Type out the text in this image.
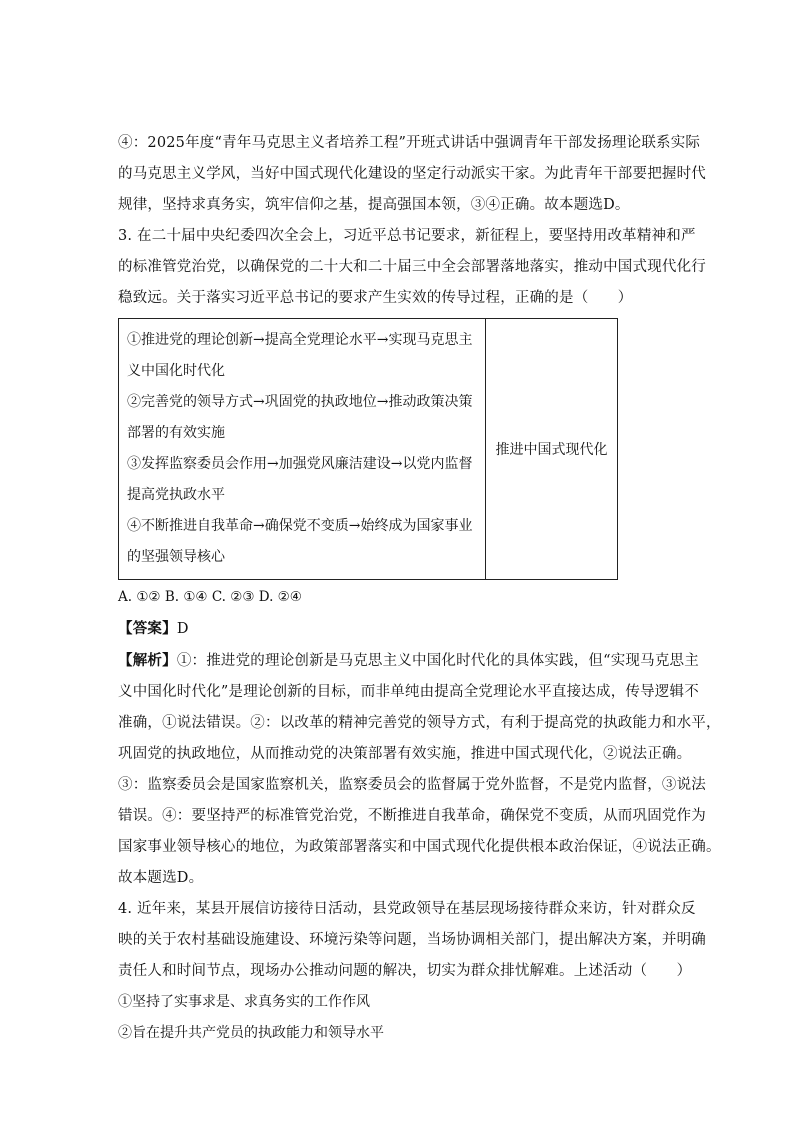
④：2025年度“青年马克思主义者培养工程”开班式讲话中强调青年干部发扬理论联系实际
的马克思主义学风，当好中国式现代化建设的坚定行动派实干家。为此青年干部要把握时代
规律，坚持求真务实，筑牢信仰之基，提高强国本领，③④正确。故本题选D。
3. 在二十届中央纪委四次全会上，习近平总书记要求，新征程上，要坚持用改革精神和严
的标准管党治党，以确保党的二十大和二十届三中全会部署落地落实，推动中国式现代化行
稳致远。关于落实习近平总书记的要求产生实效的传导过程，正确的是（　　）
①推进党的理论创新→提高全党理论水平→实现马克思主
义中国化时代化
②完善党的领导方式→巩固党的执政地位→推动政策决策
部署的有效实施
③发挥监察委员会作用→加强党风廉洁建设→以党内监督
提高党执政水平
④不断推进自我革命→确保党不变质→始终成为国家事业
的坚强领导核心
	推进中国式现代化
A. ①② B. ①④ C. ②③ D. ②④
【答案】D
【解析】①：推进党的理论创新是马克思主义中国化时代化的具体实践，但“实现马克思主
义中国化时代化”是理论创新的目标，而非单纯由提高全党理论水平直接达成，传导逻辑不
准确，①说法错误。②：以改革的精神完善党的领导方式，有利于提高党的执政能力和水平，
巩固党的执政地位，从而推动党的决策部署有效实施，推进中国式现代化，②说法正确。
③：监察委员会是国家监察机关，监察委员会的监督属于党外监督，不是党内监督，③说法
错误。④：要坚持严的标准管党治党，不断推进自我革命，确保党不变质，从而巩固党作为
国家事业领导核心的地位，为政策部署落实和中国式现代化提供根本政治保证，④说法正确。
故本题选D。
4. 近年来，某县开展信访接待日活动，县党政领导在基层现场接待群众来访，针对群众反
映的关于农村基础设施建设、环境污染等问题，当场协调相关部门，提出解决方案，并明确
责任人和时间节点，现场办公推动问题的解决，切实为群众排忧解难。上述活动（　　）
①坚持了实事求是、求真务实的工作作风
②旨在提升共产党员的执政能力和领导水平
